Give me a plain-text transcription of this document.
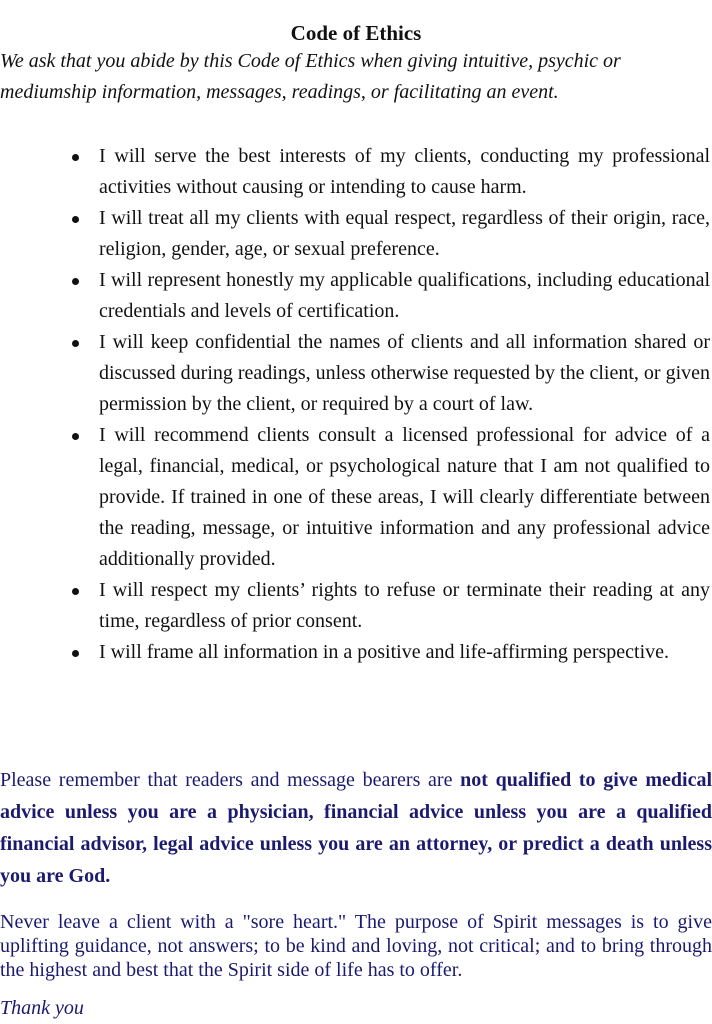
Code of Ethics

We ask that you abide by this Code of Ethics when giving intuitive, psychic or mediumship information, messages, readings, or facilitating an event.

I will serve the best interests of my clients, conducting my professional activities without causing or intending to cause harm.
I will treat all my clients with equal respect, regardless of their origin, race, religion, gender, age, or sexual preference.
I will represent honestly my applicable qualifications, including educational credentials and levels of certification.
I will keep confidential the names of clients and all information shared or discussed during readings, unless otherwise requested by the client, or given permission by the client, or required by a court of law.
I will recommend clients consult a licensed professional for advice of a legal, financial, medical, or psychological nature that I am not qualified to provide. If trained in one of these areas, I will clearly differentiate between the reading, message, or intuitive information and any professional advice additionally provided.
I will respect my clients’ rights to refuse or terminate their reading at any time, regardless of prior consent.
I will frame all information in a positive and life-affirming perspective.

Please remember that readers and message bearers are not qualified to give medical advice unless you are a physician, financial advice unless you are a qualified financial advisor, legal advice unless you are an attorney, or predict a death unless you are God.

Never leave a client with a "sore heart." The purpose of Spirit messages is to give uplifting guidance, not answers; to be kind and loving, not critical; and to bring through the highest and best that the Spirit side of life has to offer.

Thank you
